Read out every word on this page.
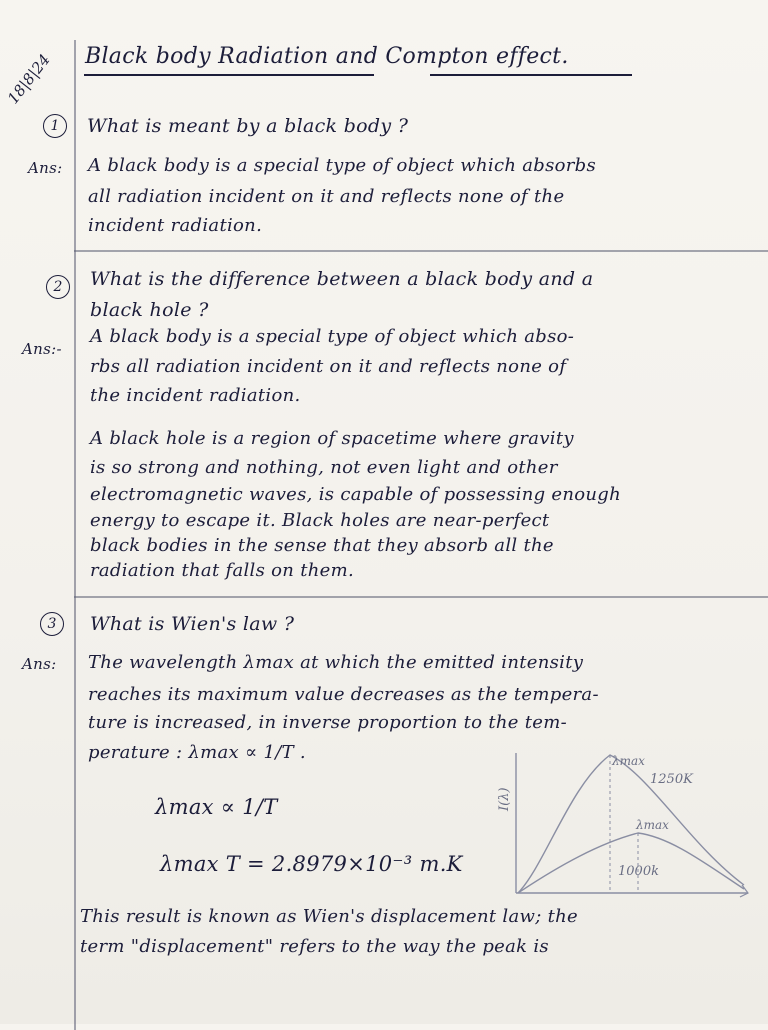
18|8|24 Black body Radiation and Compton effect.
1	What is meant by a black body ?
Ans: A black body is a special type of object which absorbs
all radiation incident on it and reflects none of the
incident radiation.
2	What is the difference between a black body and a
black hole ?
Ans:-
A black body is a special type of object which abso-
rbs all radiation incident on it and reflects none of
the incident radiation.
A black hole is a region of spacetime where gravity
is so strong and nothing, not even light and other
electromagnetic waves, is capable of possessing enough
energy to escape it. Black holes are near-perfect
black bodies in the sense that they absorb all the
radiation that falls on them.
3	What is Wien's law ?
Ans: The wavelength λmax at which the emitted intensity
reaches its maximum value decreases as the tempera-
ture is increased, in inverse proportion to the tem-
perature : λmax ∝ 1/T .
λmax ∝ 1/T
λmax T = 2.8979×10⁻³ m.K
I(λ)
λmax
λmax
1250K
1000k
This result is known as Wien's displacement law; the
term "displacement" refers to the way the peak is
